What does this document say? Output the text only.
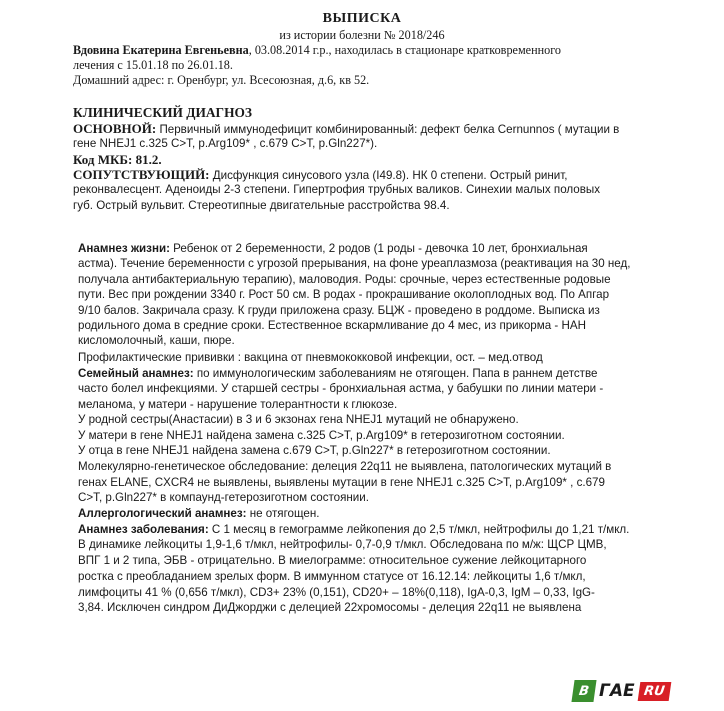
ВЫПИСКА
из истории болезни № 2018/246
Вдовина Екатерина Евгеньевна, 03.08.2014 г.р., находилась в стационаре кратковременного
лечения с 15.01.18 по 26.01.18.
Домашний адрес: г. Оренбург, ул. Всесоюзная, д.6, кв 52.
КЛИНИЧЕСКИЙ ДИАГНОЗ
ОСНОВНОЙ: Первичный иммунодефицит комбинированный: дефект белка Cernunnos ( мутации в
гене NHEJ1 c.325 C>T, p.Arg109* , c.679 C>T, p.Gln227*).
Код МКБ: 81.2.
СОПУТСТВУЮЩИЙ: Дисфункция синусового узла (I49.8). НК 0 степени. Острый ринит,
реконвалесцент. Аденоиды 2-3 степени. Гипертрофия трубных валиков. Синехии малых половых
губ. Острый вульвит. Стереотипные двигательные расстройства 98.4.
Анамнез жизни: Ребенок от 2 беременности, 2 родов (1 роды - девочка 10 лет, бронхиальная
астма). Течение беременности с угрозой прерывания, на фоне уреаплазмоза (реактивация на 30 нед,
получала антибактериальную терапию), маловодия. Роды: срочные, через естественные родовые
пути. Вес при рождении 3340 г. Рост 50 см. В родах - прокрашивание околоплодных вод. По Апгар
9/10 балов. Закричала сразу. К груди приложена сразу. БЦЖ - проведено в роддоме. Выписка из
родильного дома в средние сроки. Естественное вскармливание до 4 мес, из прикорма - НАН
кисломолочный, каши, пюре.
Профилактические прививки : вакцина от пневмококковой инфекции, ост. – мед.отвод
Семейный анамнез: по иммунологическим заболеваниям не отягощен. Папа в раннем детстве
часто болел инфекциями. У старшей сестры - бронхиальная астма, у бабушки по линии матери -
меланома, у матери - нарушение толерантности к глюкозе.
У родной сестры(Анастасии) в 3 и 6 экзонах гена NHEJ1 мутаций не обнаружено.
У матери в гене NHEJ1 найдена замена c.325 C>T, p.Arg109* в гетерозиготном состоянии.
У отца в гене NHEJ1 найдена замена c.679 C>T, p.Gln227* в гетерозиготном состоянии.
Молекулярно-генетическое обследование: делеция 22q11 не выявлена, патологических мутаций в
генах ELANE, CXCR4 не выявлены, выявлены мутации в гене NHEJ1 c.325 C>T, p.Arg109* , c.679
C>T, p.Gln227* в компаунд-гетерозиготном состоянии.
Аллергологический анамнез: не отягощен.
Анамнез заболевания: С 1 месяц в гемограмме лейкопения до 2,5 т/мкл, нейтрофилы до 1,21 т/мкл.
В динамике лейкоциты 1,9-1,6 т/мкл, нейтрофилы- 0,7-0,9 т/мкл. Обследована по м/ж: ЩСР ЦМВ,
ВПГ 1 и 2 типа, ЭБВ - отрицательно. В миелограмме: относительное сужение лейкоцитарного
ростка с преобладанием зрелых форм. В иммунном статусе от 16.12.14: лейкоциты 1,6 т/мкл,
лимфоциты 41 % (0,656 т/мкл), CD3+ 23% (0,151), CD20+ – 18%(0,118), IgA-0,3, IgM – 0,33, IgG-
3,84. Исключен синдром ДиДжорджи с делецией 22хромосомы - делеция 22q11 не выявлена
В ГАЕ RU
